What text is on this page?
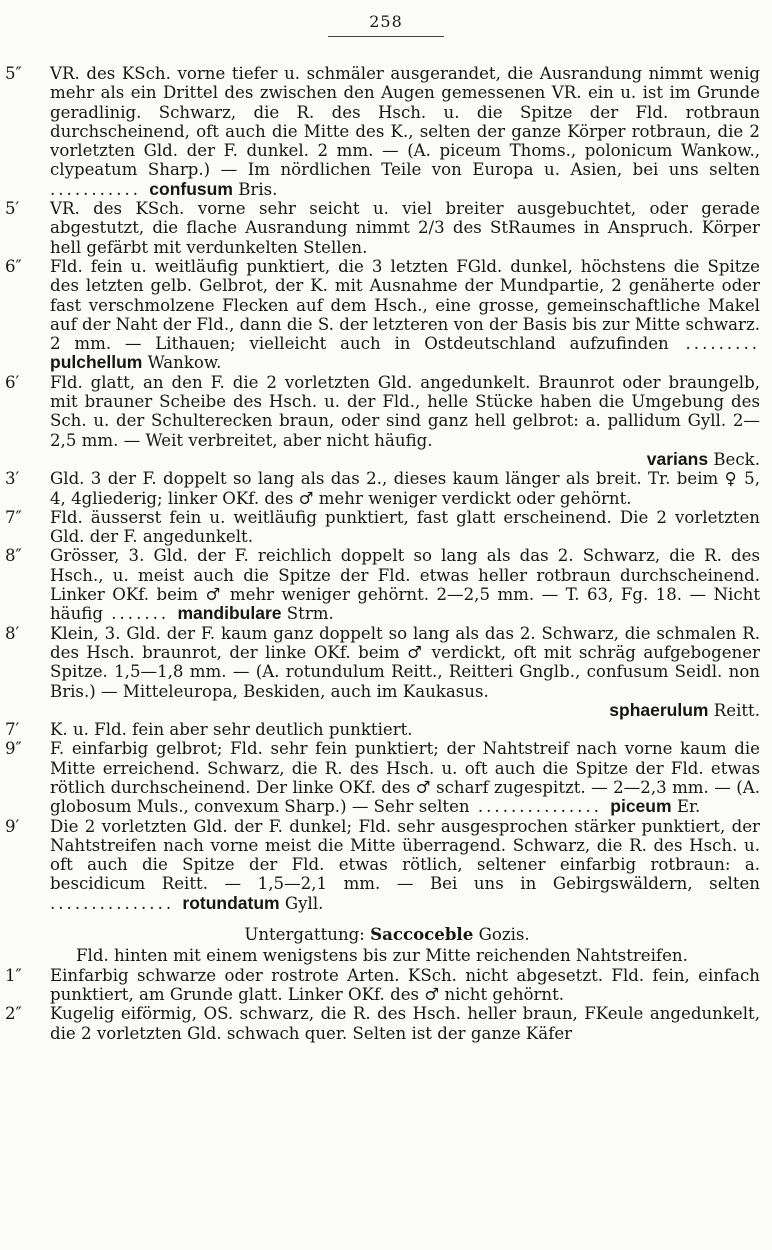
258
5″ VR. des KSch. vorne tiefer u. schmäler ausgerandet, die Ausrandung nimmt wenig mehr als ein Drittel des zwischen den Augen gemessenen VR. ein u. ist im Grunde geradlinig. Schwarz, die R. des Hsch. u. die Spitze der Fld. rotbraun durchscheinend, oft auch die Mitte des K., selten der ganze Körper rotbraun, die 2 vorletzten Gld. der F. dunkel. 2 mm. — (A. piceum Thoms., polonicum Wankow., clypeatum Sharp.) — Im nördlichen Teile von Europa u. Asien, bei uns selten ........... confusum Bris.
5′ VR. des KSch. vorne sehr seicht u. viel breiter ausgebuchtet, oder gerade abgestutzt, die flache Ausrandung nimmt 2/3 des StRaumes in Anspruch. Körper hell gefärbt mit verdunkelten Stellen.
6″ Fld. fein u. weitläufig punktiert, die 3 letzten FGld. dunkel, höchstens die Spitze des letzten gelb. Gelbrot, der K. mit Ausnahme der Mundpartie, 2 genäherte oder fast verschmolzene Flecken auf dem Hsch., eine grosse, gemeinschaftliche Makel auf der Naht der Fld., dann die S. der letzteren von der Basis bis zur Mitte schwarz. 2 mm. — Lithauen; vielleicht auch in Ostdeutschland aufzufinden ......... pulchellum Wankow.
6′ Fld. glatt, an den F. die 2 vorletzten Gld. angedunkelt. Braunrot oder braungelb, mit brauner Scheibe des Hsch. u. der Fld., helle Stücke haben die Umgebung des Sch. u. der Schulterecken braun, oder sind ganz hell gelbrot: a. pallidum Gyll. 2—2,5 mm. — Weit verbreitet, aber nicht häufig.
varians Beck.
3′ Gld. 3 der F. doppelt so lang als das 2., dieses kaum länger als breit. Tr. beim ♀ 5, 4, 4gliederig; linker OKf. des ♂ mehr weniger verdickt oder gehörnt.
7″ Fld. äusserst fein u. weitläufig punktiert, fast glatt erscheinend. Die 2 vorletzten Gld. der F. angedunkelt.
8″ Grösser, 3. Gld. der F. reichlich doppelt so lang als das 2. Schwarz, die R. des Hsch., u. meist auch die Spitze der Fld. etwas heller rotbraun durchscheinend. Linker OKf. beim ♂ mehr weniger gehörnt. 2—2,5 mm. — T. 63, Fg. 18. — Nicht häufig ....... mandibulare Strm.
8′ Klein, 3. Gld. der F. kaum ganz doppelt so lang als das 2. Schwarz, die schmalen R. des Hsch. braunrot, der linke OKf. beim ♂ verdickt, oft mit schräg aufgebogener Spitze. 1,5—1,8 mm. — (A. rotundulum Reitt., Reitteri Gnglb., confusum Seidl. non Bris.) — Mitteleuropa, Beskiden, auch im Kaukasus.
sphaerulum Reitt.
7′ K. u. Fld. fein aber sehr deutlich punktiert.
9″ F. einfarbig gelbrot; Fld. sehr fein punktiert; der Nahtstreif nach vorne kaum die Mitte erreichend. Schwarz, die R. des Hsch. u. oft auch die Spitze der Fld. etwas rötlich durchscheinend. Der linke OKf. des ♂ scharf zugespitzt. — 2—2,3 mm. — (A. globosum Muls., convexum Sharp.) — Sehr selten ............... piceum Er.
9′ Die 2 vorletzten Gld. der F. dunkel; Fld. sehr ausgesprochen stärker punktiert, der Nahtstreifen nach vorne meist die Mitte überragend. Schwarz, die R. des Hsch. u. oft auch die Spitze der Fld. etwas rötlich, seltener einfarbig rotbraun: a. bescidicum Reitt. — 1,5—2,1 mm. — Bei uns in Gebirgswäldern, selten ............... rotundatum Gyll.
Untergattung: Saccoceble Gozis.
Fld. hinten mit einem wenigstens bis zur Mitte reichenden Nahtstreifen.
1″ Einfarbig schwarze oder rostrote Arten. KSch. nicht abgesetzt. Fld. fein, einfach punktiert, am Grunde glatt. Linker OKf. des ♂ nicht gehörnt.
2″ Kugelig eiförmig, OS. schwarz, die R. des Hsch. heller braun, FKeule angedunkelt, die 2 vorletzten Gld. schwach quer. Selten ist der ganze Käfer
